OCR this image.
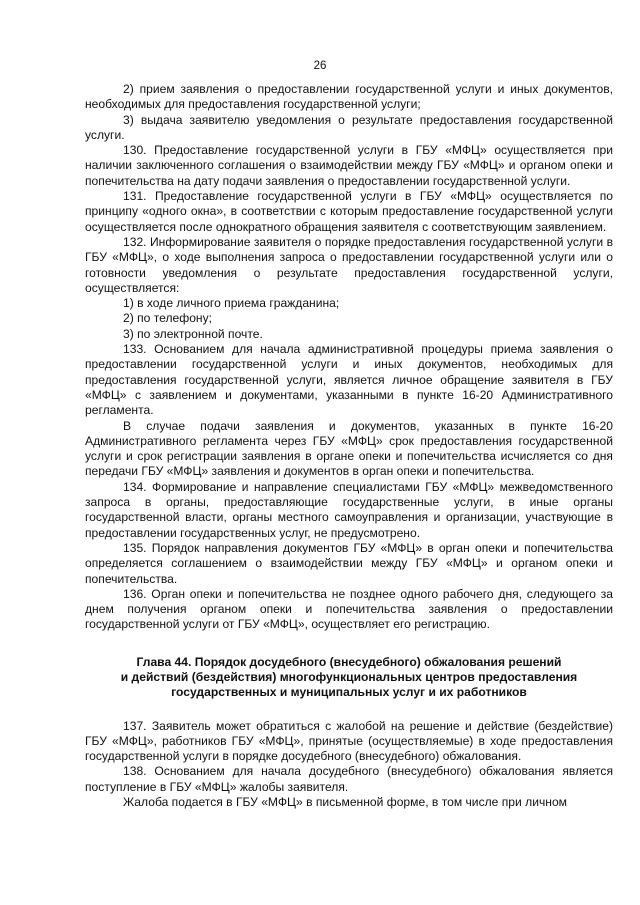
26

2) прием заявления о предоставлении государственной услуги и иных документов, необходимых для предоставления государственной услуги;

3) выдача заявителю уведомления о результате предоставления государственной услуги.

130. Предоставление государственной услуги в ГБУ «МФЦ» осуществляется при наличии заключенного соглашения о взаимодействии между ГБУ «МФЦ» и органом опеки и попечительства на дату подачи заявления о предоставлении государственной услуги.

131. Предоставление государственной услуги в ГБУ «МФЦ» осуществляется по принципу «одного окна», в соответствии с которым предоставление государственной услуги осуществляется после однократного обращения заявителя с соответствующим заявлением.

132. Информирование заявителя о порядке предоставления государственной услуги в ГБУ «МФЦ», о ходе выполнения запроса о предоставлении государственной услуги или о готовности уведомления о результате предоставления государственной услуги, осуществляется:

1) в ходе личного приема гражданина;

2) по телефону;

3) по электронной почте.

133. Основанием для начала административной процедуры приема заявления о предоставлении государственной услуги и иных документов, необходимых для предоставления государственной услуги, является личное обращение заявителя в ГБУ «МФЦ» с заявлением и документами, указанными в пункте 16-20 Административного регламента.

В случае подачи заявления и документов, указанных в пункте 16-20 Административного регламента через ГБУ «МФЦ» срок предоставления государственной услуги и срок регистрации заявления в органе опеки и попечительства исчисляется со дня передачи ГБУ «МФЦ» заявления и документов в орган опеки и попечительства.

134. Формирование и направление специалистами ГБУ «МФЦ» межведомственного запроса в органы, предоставляющие государственные услуги, в иные органы государственной власти, органы местного самоуправления и организации, участвующие в предоставлении государственных услуг, не предусмотрено.

135. Порядок направления документов ГБУ «МФЦ» в орган опеки и попечительства определяется соглашением о взаимодействии между ГБУ «МФЦ» и органом опеки и попечительства.

136. Орган опеки и попечительства не позднее одного рабочего дня, следующего за днем получения органом опеки и попечительства заявления о предоставлении государственной услуги от ГБУ «МФЦ», осуществляет его регистрацию.

Глава 44. Порядок досудебного (внесудебного) обжалования решений
и действий (бездействия) многофункциональных центров предоставления
государственных и муниципальных услуг и их работников

137. Заявитель может обратиться с жалобой на решение и действие (бездействие) ГБУ «МФЦ», работников ГБУ «МФЦ», принятые (осуществляемые) в ходе предоставления государственной услуги в порядке досудебного (внесудебного) обжалования.

138. Основанием для начала досудебного (внесудебного) обжалования является поступление в ГБУ «МФЦ» жалобы заявителя.

Жалоба подается в ГБУ «МФЦ» в письменной форме, в том числе при личном
